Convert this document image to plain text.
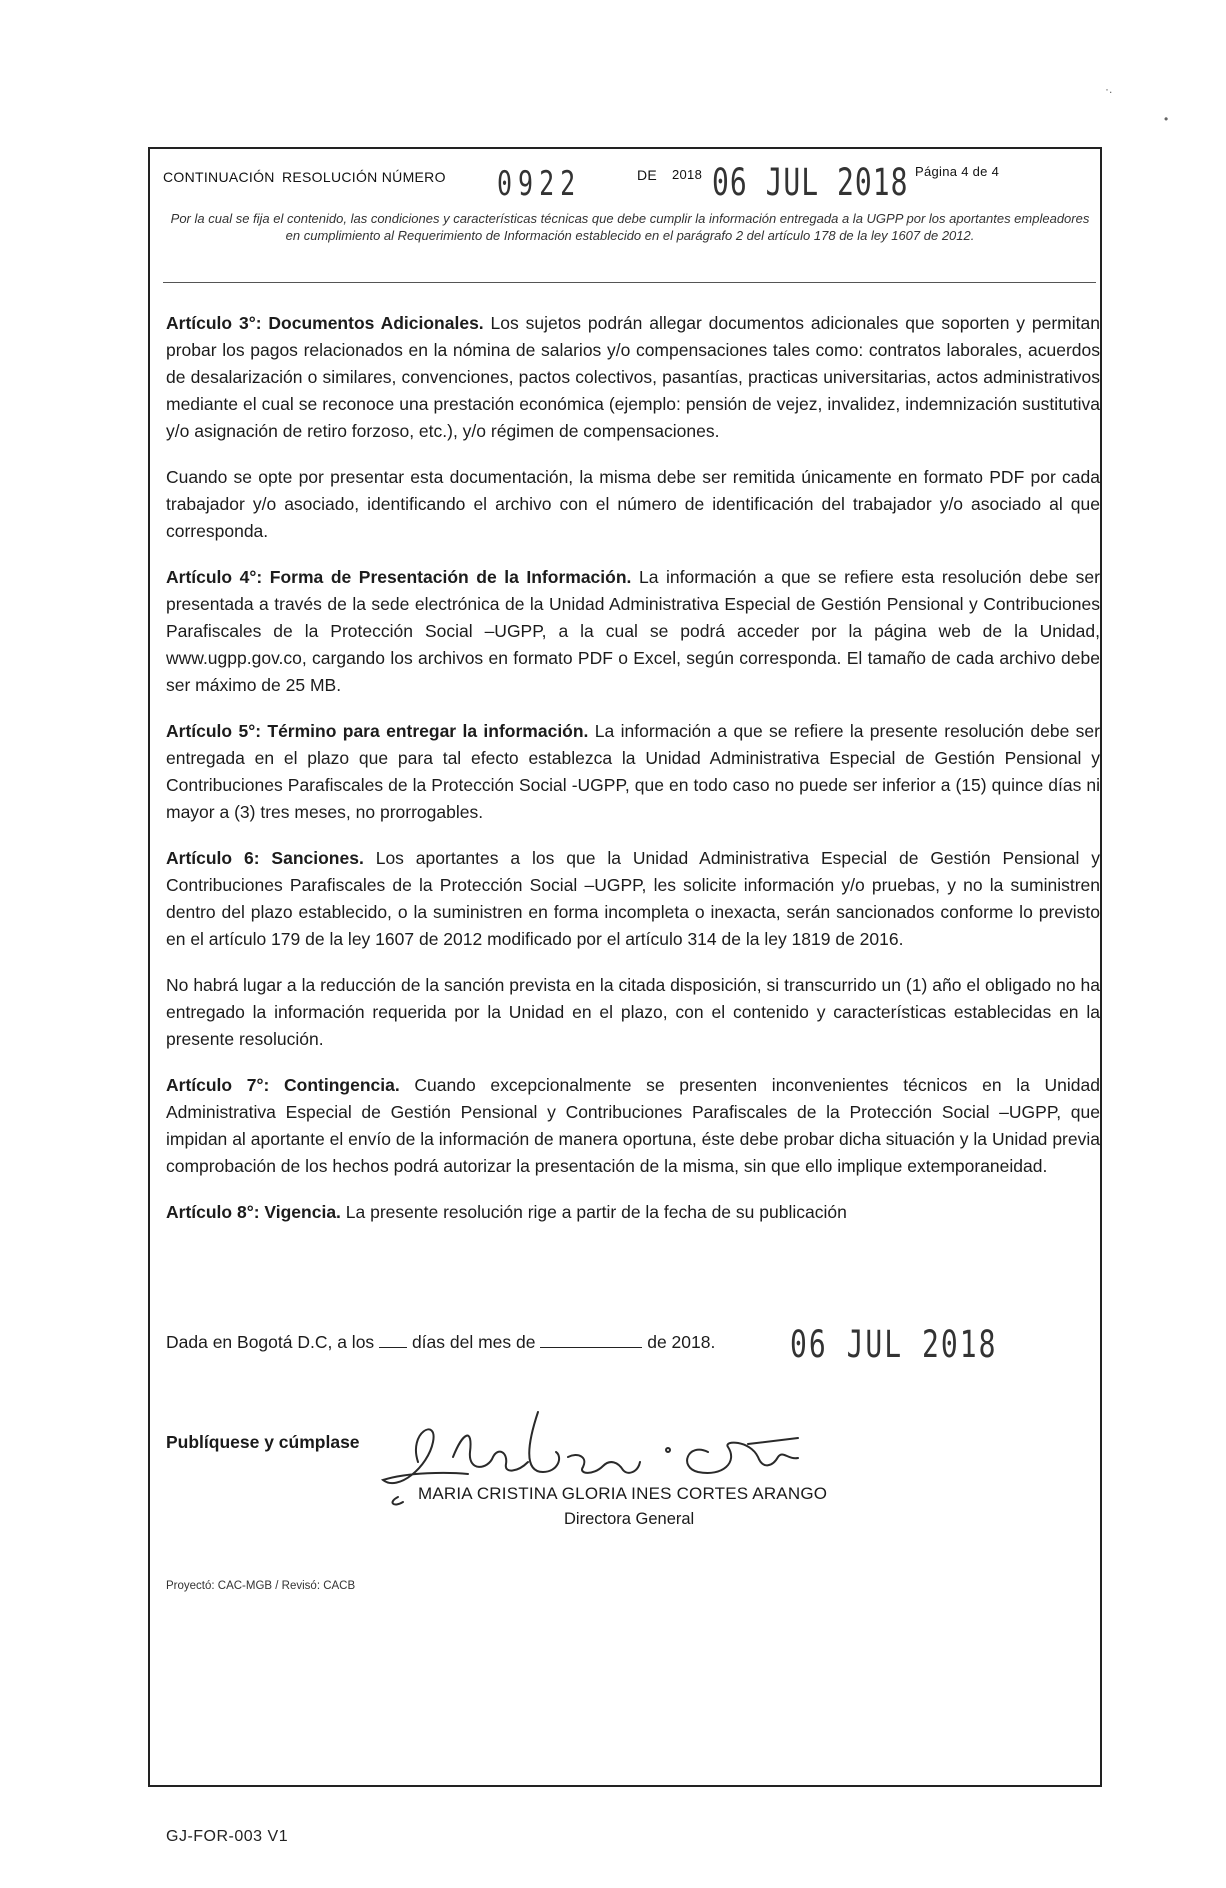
·.
•
CONTINUACIÓN RESOLUCIÓN NÚMERO 0922	DE 2018 06 JUL 2018 Página 4 de 4
Por la cual se fija el contenido, las condiciones y características técnicas que debe cumplir la información entregada a la UGPP por los aportantes empleadores en cumplimiento al Requerimiento de Información establecido en el parágrafo 2 del artículo 178 de la ley 1607 de 2012.

Artículo 3°: Documentos Adicionales. Los sujetos podrán allegar documentos adicionales que soporten y permitan probar los pagos relacionados en la nómina de salarios y/o compensaciones tales como: contratos laborales, acuerdos de desalarización o similares, convenciones, pactos colectivos, pasantías, practicas universitarias, actos administrativos mediante el cual se reconoce una prestación económica (ejemplo: pensión de vejez, invalidez, indemnización sustitutiva y/o asignación de retiro forzoso, etc.), y/o régimen de compensaciones.

Cuando se opte por presentar esta documentación, la misma debe ser remitida únicamente en formato PDF por cada trabajador y/o asociado, identificando el archivo con el número de identificación del trabajador y/o asociado al que corresponda.

Artículo 4°: Forma de Presentación de la Información. La información a que se refiere esta resolución debe ser presentada a través de la sede electrónica de la Unidad Administrativa Especial de Gestión Pensional y Contribuciones Parafiscales de la Protección Social –UGPP, a la cual se podrá acceder por la página web de la Unidad, www.ugpp.gov.co, cargando los archivos en formato PDF o Excel, según corresponda. El tamaño de cada archivo debe ser máximo de 25 MB.

Artículo 5°: Término para entregar la información. La información a que se refiere la presente resolución debe ser entregada en el plazo que para tal efecto establezca la Unidad Administrativa Especial de Gestión Pensional y Contribuciones Parafiscales de la Protección Social -UGPP, que en todo caso no puede ser inferior a (15) quince días ni mayor a (3) tres meses, no prorrogables.

Artículo 6: Sanciones. Los aportantes a los que la Unidad Administrativa Especial de Gestión Pensional y Contribuciones Parafiscales de la Protección Social –UGPP, les solicite información y/o pruebas, y no la suministren dentro del plazo establecido, o la suministren en forma incompleta o inexacta, serán sancionados conforme lo previsto en el artículo 179 de la ley 1607 de 2012 modificado por el artículo 314 de la ley 1819 de 2016.

No habrá lugar a la reducción de la sanción prevista en la citada disposición, si transcurrido un (1) año el obligado no ha entregado la información requerida por la Unidad en el plazo, con el contenido y características establecidas en la presente resolución.

Artículo 7°: Contingencia. Cuando excepcionalmente se presenten inconvenientes técnicos en la Unidad Administrativa Especial de Gestión Pensional y Contribuciones Parafiscales de la Protección Social –UGPP, que impidan al aportante el envío de la información de manera oportuna, éste debe probar dicha situación y la Unidad previa comprobación de los hechos podrá autorizar la presentación de la misma, sin que ello implique extemporaneidad.

Artículo 8°: Vigencia. La presente resolución rige a partir de la fecha de su publicación

Dada en Bogotá D.C, a los días del mes de	de 2018.	06 JUL 2018
Publíquese y cúmplase
MARIA CRISTINA GLORIA INES CORTES ARANGO
Directora General
Proyectó: CAC-MGB / Revisó: CACB
GJ-FOR-003 V1
